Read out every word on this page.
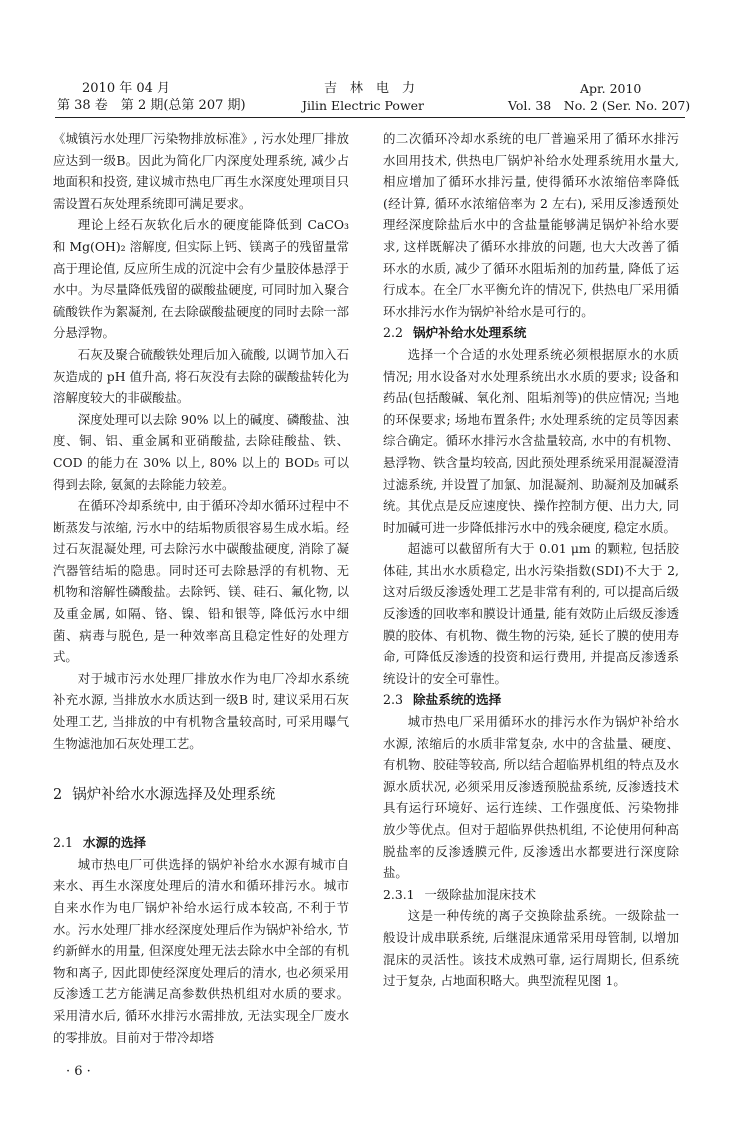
2010 年 04 月
第 38 卷　第 2 期(总第 207 期)
吉　林　电　力
Jilin Electric Power
Apr. 2010
Vol. 38　No. 2 (Ser. No. 207)

《城镇污水处理厂污染物排放标准》, 污水处理厂排放应达到一级B。因此为简化厂内深度处理系统, 减少占地面积和投资, 建议城市热电厂再生水深度处理项目只需设置石灰处理系统即可满足要求。

理论上经石灰软化后水的硬度能降低到 CaCO₃ 和 Mg(OH)₂ 溶解度, 但实际上钙、镁离子的残留量常高于理论值, 反应所生成的沉淀中会有少量胶体悬浮于水中。为尽量降低残留的碳酸盐硬度, 可同时加入聚合硫酸铁作为絮凝剂, 在去除碳酸盐硬度的同时去除一部分悬浮物。

石灰及聚合硫酸铁处理后加入硫酸, 以调节加入石灰造成的 pH 值升高, 将石灰没有去除的碳酸盐转化为溶解度较大的非碳酸盐。

深度处理可以去除 90% 以上的碱度、磷酸盐、浊度、铜、铝、重金属和亚硝酸盐, 去除硅酸盐、铁、COD 的能力在 30% 以上, 80% 以上的 BOD₅ 可以得到去除, 氨氮的去除能力较差。

在循环冷却系统中, 由于循环冷却水循环过程中不断蒸发与浓缩, 污水中的结垢物质很容易生成水垢。经过石灰混凝处理, 可去除污水中碳酸盐硬度, 消除了凝汽器管结垢的隐患。同时还可去除悬浮的有机物、无机物和溶解性磷酸盐。去除钙、镁、硅石、氟化物, 以及重金属, 如隔、铬、镍、铅和银等, 降低污水中细菌、病毒与脱色, 是一种效率高且稳定性好的处理方式。

对于城市污水处理厂排放水作为电厂冷却水系统补充水源, 当排放水水质达到一级B 时, 建议采用石灰处理工艺, 当排放的中有机物含量较高时, 可采用曝气生物滤池加石灰处理工艺。

2 锅炉补给水水源选择及处理系统
2.1 水源的选择

城市热电厂可供选择的锅炉补给水水源有城市自来水、再生水深度处理后的清水和循环排污水。城市自来水作为电厂锅炉补给水运行成本较高, 不利于节水。污水处理厂排水经深度处理后作为锅炉补给水, 节约新鲜水的用量, 但深度处理无法去除水中全部的有机物和离子, 因此即使经深度处理后的清水, 也必须采用反渗透工艺方能满足高参数供热机组对水质的要求。采用清水后, 循环水排污水需排放, 无法实现全厂废水的零排放。目前对于带冷却塔

的二次循环冷却水系统的电厂普遍采用了循环水排污水回用技术, 供热电厂锅炉补给水处理系统用水量大, 相应增加了循环水排污量, 使得循环水浓缩倍率降低(经计算, 循环水浓缩倍率为 2 左右), 采用反渗透预处理经深度除盐后水中的含盐量能够满足锅炉补给水要求, 这样既解决了循环水排放的问题, 也大大改善了循环水的水质, 减少了循环水阻垢剂的加药量, 降低了运行成本。在全厂水平衡允许的情况下, 供热电厂采用循环水排污水作为锅炉补给水是可行的。

2.2 锅炉补给水处理系统

选择一个合适的水处理系统必须根据原水的水质情况; 用水设备对水处理系统出水水质的要求; 设备和药品(包括酸碱、氧化剂、阻垢剂等)的供应情况; 当地的环保要求; 场地布置条件; 水处理系统的定员等因素综合确定。循环水排污水含盐量较高, 水中的有机物、悬浮物、铁含量均较高, 因此预处理系统采用混凝澄清过滤系统, 并设置了加氯、加混凝剂、助凝剂及加碱系统。其优点是反应速度快、操作控制方便、出力大, 同时加碱可进一步降低排污水中的残余硬度, 稳定水质。

超滤可以截留所有大于 0.01 μm 的颗粒, 包括胶体硅, 其出水水质稳定, 出水污染指数(SDI)不大于 2, 这对后级反渗透处理工艺是非常有利的, 可以提高后级反渗透的回收率和膜设计通量, 能有效防止后级反渗透膜的胶体、有机物、微生物的污染, 延长了膜的使用寿命, 可降低反渗透的投资和运行费用, 并提高反渗透系统设计的安全可靠性。

2.3 除盐系统的选择

城市热电厂采用循环水的排污水作为锅炉补给水水源, 浓缩后的水质非常复杂, 水中的含盐量、硬度、有机物、胶硅等较高, 所以结合超临界机组的特点及水源水质状况, 必须采用反渗透预脱盐系统, 反渗透技术具有运行环境好、运行连续、工作强度低、污染物排放少等优点。但对于超临界供热机组, 不论使用何种高脱盐率的反渗透膜元件, 反渗透出水都要进行深度除盐。

2.3.1 一级除盐加混床技术

这是一种传统的离子交换除盐系统。一级除盐一般设计成串联系统, 后继混床通常采用母管制, 以增加混床的灵活性。该技术成熟可靠, 运行周期长, 但系统过于复杂, 占地面积略大。典型流程见图 1。

· 6 ·
